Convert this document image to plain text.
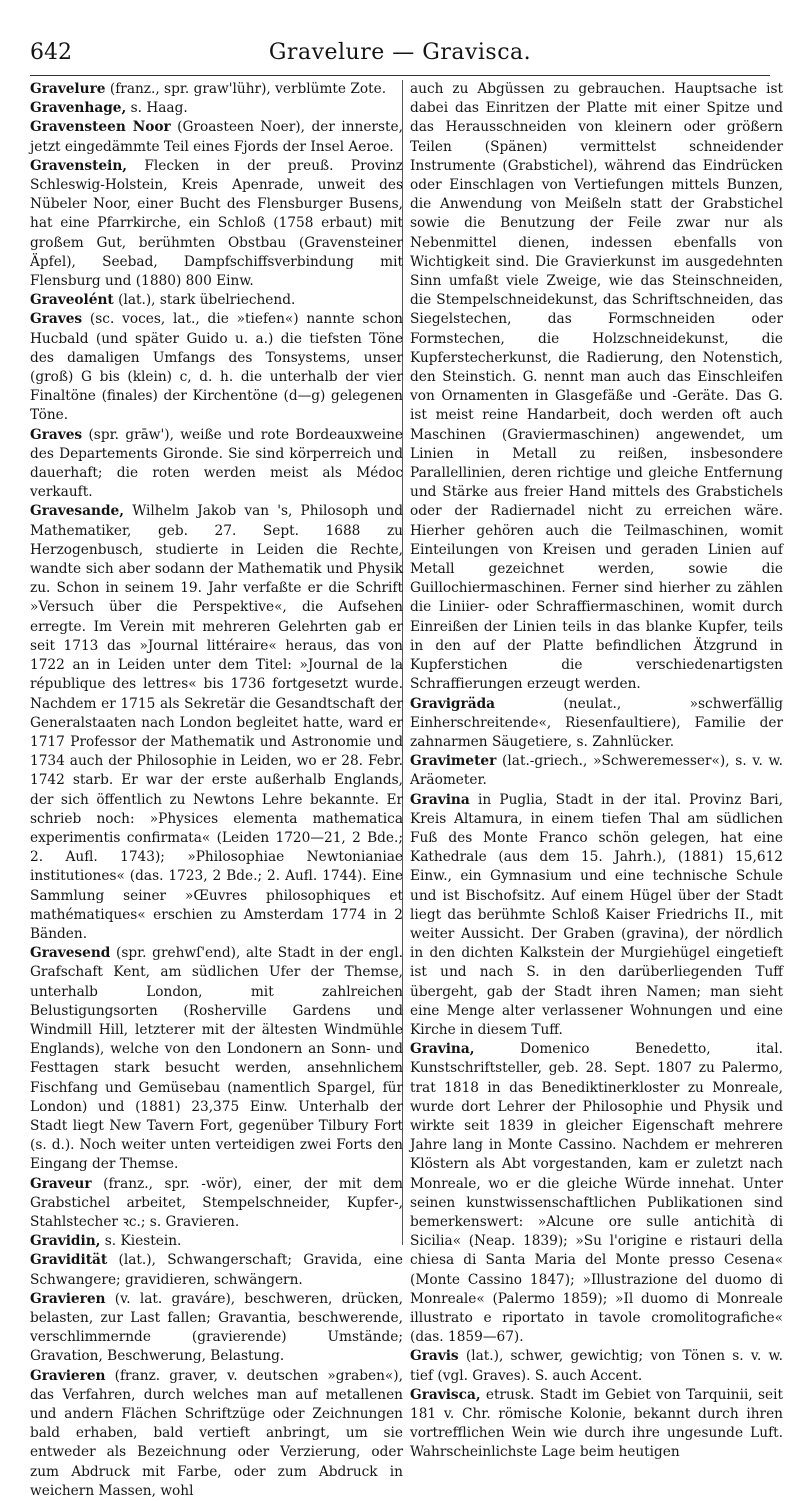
642	Gravelure — Gravisca.

Gravelure (franz., spr. graw'lühr), verblümte Zote.

Gravenhage, s. Haag.

Gravensteen Noor (Groasteen Noer), der innerste, jetzt eingedämmte Teil eines Fjords der Insel Aeroe.

Gravenstein, Flecken in der preuß. Provinz Schleswig-Holstein, Kreis Apenrade, unweit des Nübeler Noor, einer Bucht des Flensburger Busens, hat eine Pfarrkirche, ein Schloß (1758 erbaut) mit großem Gut, berühmten Obstbau (Gravensteiner Äpfel), Seebad, Dampfschiffsverbindung mit Flensburg und (1880) 800 Einw.

Graveolént (lat.), stark übelriechend.

Graves (sc. voces, lat., die »tiefen«) nannte schon Hucbald (und später Guido u. a.) die tiefsten Töne des damaligen Umfangs des Tonsystems, unser (groß) G bis (klein) c, d. h. die unterhalb der vier Finaltöne (finales) der Kirchentöne (d—g) gelegenen Töne.

Graves (spr. grāw'), weiße und rote Bordeauxweine des Departements Gironde. Sie sind körperreich und dauerhaft; die roten werden meist als Médoc verkauft.

Gravesande, Wilhelm Jakob van 's, Philosoph und Mathematiker, geb. 27. Sept. 1688 zu Herzogenbusch, studierte in Leiden die Rechte, wandte sich aber sodann der Mathematik und Physik zu. Schon in seinem 19. Jahr verfaßte er die Schrift »Versuch über die Perspektive«, die Aufsehen erregte. Im Verein mit mehreren Gelehrten gab er seit 1713 das »Journal littéraire« heraus, das von 1722 an in Leiden unter dem Titel: »Journal de la république des lettres« bis 1736 fortgesetzt wurde. Nachdem er 1715 als Sekretär die Gesandtschaft der Generalstaaten nach London begleitet hatte, ward er 1717 Professor der Mathematik und Astronomie und 1734 auch der Philosophie in Leiden, wo er 28. Febr. 1742 starb. Er war der erste außerhalb Englands, der sich öffentlich zu Newtons Lehre bekannte. Er schrieb noch: »Physices elementa mathematica experimentis confirmata« (Leiden 1720—21, 2 Bde.; 2. Aufl. 1743); »Philosophiae Newtonianiae institutiones« (das. 1723, 2 Bde.; 2. Aufl. 1744). Eine Sammlung seiner »Œuvres philosophiques et mathématiques« erschien zu Amsterdam 1774 in 2 Bänden.

Gravesend (spr. grehwſ'end), alte Stadt in der engl. Grafschaft Kent, am südlichen Ufer der Themse, unterhalb London, mit zahlreichen Belustigungsorten (Rosherville Gardens und Windmill Hill, letzterer mit der ältesten Windmühle Englands), welche von den Londonern an Sonn- und Festtagen stark besucht werden, ansehnlichem Fischfang und Gemüsebau (namentlich Spargel, für London) und (1881) 23,375 Einw. Unterhalb der Stadt liegt New Tavern Fort, gegenüber Tilbury Fort (s. d.). Noch weiter unten verteidigen zwei Forts den Eingang der Themse.

Graveur (franz., spr. -wör), einer, der mit dem Grabstichel arbeitet, Stempelschneider, Kupfer-, Stahlstecher ꝛc.; s. Gravieren.

Gravidin, s. Kiestein.

Gravidität (lat.), Schwangerschaft; Gravida, eine Schwangere; gravidieren, schwängern.

Gravieren (v. lat. graváre), beschweren, drücken, belasten, zur Last fallen; Gravantia, beschwerende, verschlimmernde (gravierende) Umstände; Gravation, Beschwerung, Belastung.

Gravieren (franz. graver, v. deutschen »graben«), das Verfahren, durch welches man auf metallenen und andern Flächen Schriftzüge oder Zeichnungen bald erhaben, bald vertieft anbringt, um sie entweder als Bezeichnung oder Verzierung, oder zum Abdruck mit Farbe, oder zum Abdruck in weichern Massen, wohl

auch zu Abgüssen zu gebrauchen. Hauptsache ist dabei das Einritzen der Platte mit einer Spitze und das Herausschneiden von kleinern oder größern Teilen (Spänen) vermittelst schneidender Instrumente (Grabstichel), während das Eindrücken oder Einschlagen von Vertiefungen mittels Bunzen, die Anwendung von Meißeln statt der Grabstichel sowie die Benutzung der Feile zwar nur als Nebenmittel dienen, indessen ebenfalls von Wichtigkeit sind. Die Gravierkunst im ausgedehnten Sinn umfaßt viele Zweige, wie das Steinschneiden, die Stempelschneidekunst, das Schriftschneiden, das Siegelstechen, das Formschneiden oder Formstechen, die Holzschneidekunst, die Kupferstecherkunst, die Radierung, den Notenstich, den Steinstich. G. nennt man auch das Einschleifen von Ornamenten in Glasgefäße und -Geräte. Das G. ist meist reine Handarbeit, doch werden oft auch Maschinen (Graviermaschinen) angewendet, um Linien in Metall zu reißen, insbesondere Parallellinien, deren richtige und gleiche Entfernung und Stärke aus freier Hand mittels des Grabstichels oder der Radiernadel nicht zu erreichen wäre. Hierher gehören auch die Teilmaschinen, womit Einteilungen von Kreisen und geraden Linien auf Metall gezeichnet werden, sowie die Guillochiermaschinen. Ferner sind hierher zu zählen die Liniier- oder Schraffiermaschinen, womit durch Einreißen der Linien teils in das blanke Kupfer, teils in den auf der Platte befindlichen Ätzgrund in Kupferstichen die verschiedenartigsten Schraffierungen erzeugt werden.

Gravigräda (neulat., »schwerfällig Einherschreitende«, Riesenfaultiere), Familie der zahnarmen Säugetiere, s. Zahnlücker.

Gravimeter (lat.-griech., »Schweremesser«), s. v. w. Aräometer.

Gravina in Puglia, Stadt in der ital. Provinz Bari, Kreis Altamura, in einem tiefen Thal am südlichen Fuß des Monte Franco schön gelegen, hat eine Kathedrale (aus dem 15. Jahrh.), (1881) 15,612 Einw., ein Gymnasium und eine technische Schule und ist Bischofsitz. Auf einem Hügel über der Stadt liegt das berühmte Schloß Kaiser Friedrichs II., mit weiter Aussicht. Der Graben (gravina), der nördlich in den dichten Kalkstein der Murgiehügel eingetieft ist und nach S. in den darüberliegenden Tuff übergeht, gab der Stadt ihren Namen; man sieht eine Menge alter verlassener Wohnungen und eine Kirche in diesem Tuff.

Gravina, Domenico Benedetto, ital. Kunstschriftsteller, geb. 28. Sept. 1807 zu Palermo, trat 1818 in das Benediktinerkloster zu Monreale, wurde dort Lehrer der Philosophie und Physik und wirkte seit 1839 in gleicher Eigenschaft mehrere Jahre lang in Monte Cassino. Nachdem er mehreren Klöstern als Abt vorgestanden, kam er zuletzt nach Monreale, wo er die gleiche Würde innehat. Unter seinen kunstwissenschaftlichen Publikationen sind bemerkenswert: »Alcune ore sulle antichità di Sicilia« (Neap. 1839); »Su l'origine e ristauri della chiesa di Santa Maria del Monte presso Cesena« (Monte Cassino 1847); »Illustrazione del duomo di Monreale« (Palermo 1859); »Il duomo di Monreale illustrato e riportato in tavole cromolitografiche« (das. 1859—67).

Gravis (lat.), schwer, gewichtig; von Tönen s. v. w. tief (vgl. Graves). S. auch Accent.

Gravisca, etrusk. Stadt im Gebiet von Tarquinii, seit 181 v. Chr. römische Kolonie, bekannt durch ihren vortrefflichen Wein wie durch ihre ungesunde Luft. Wahrscheinlichste Lage beim heutigen
